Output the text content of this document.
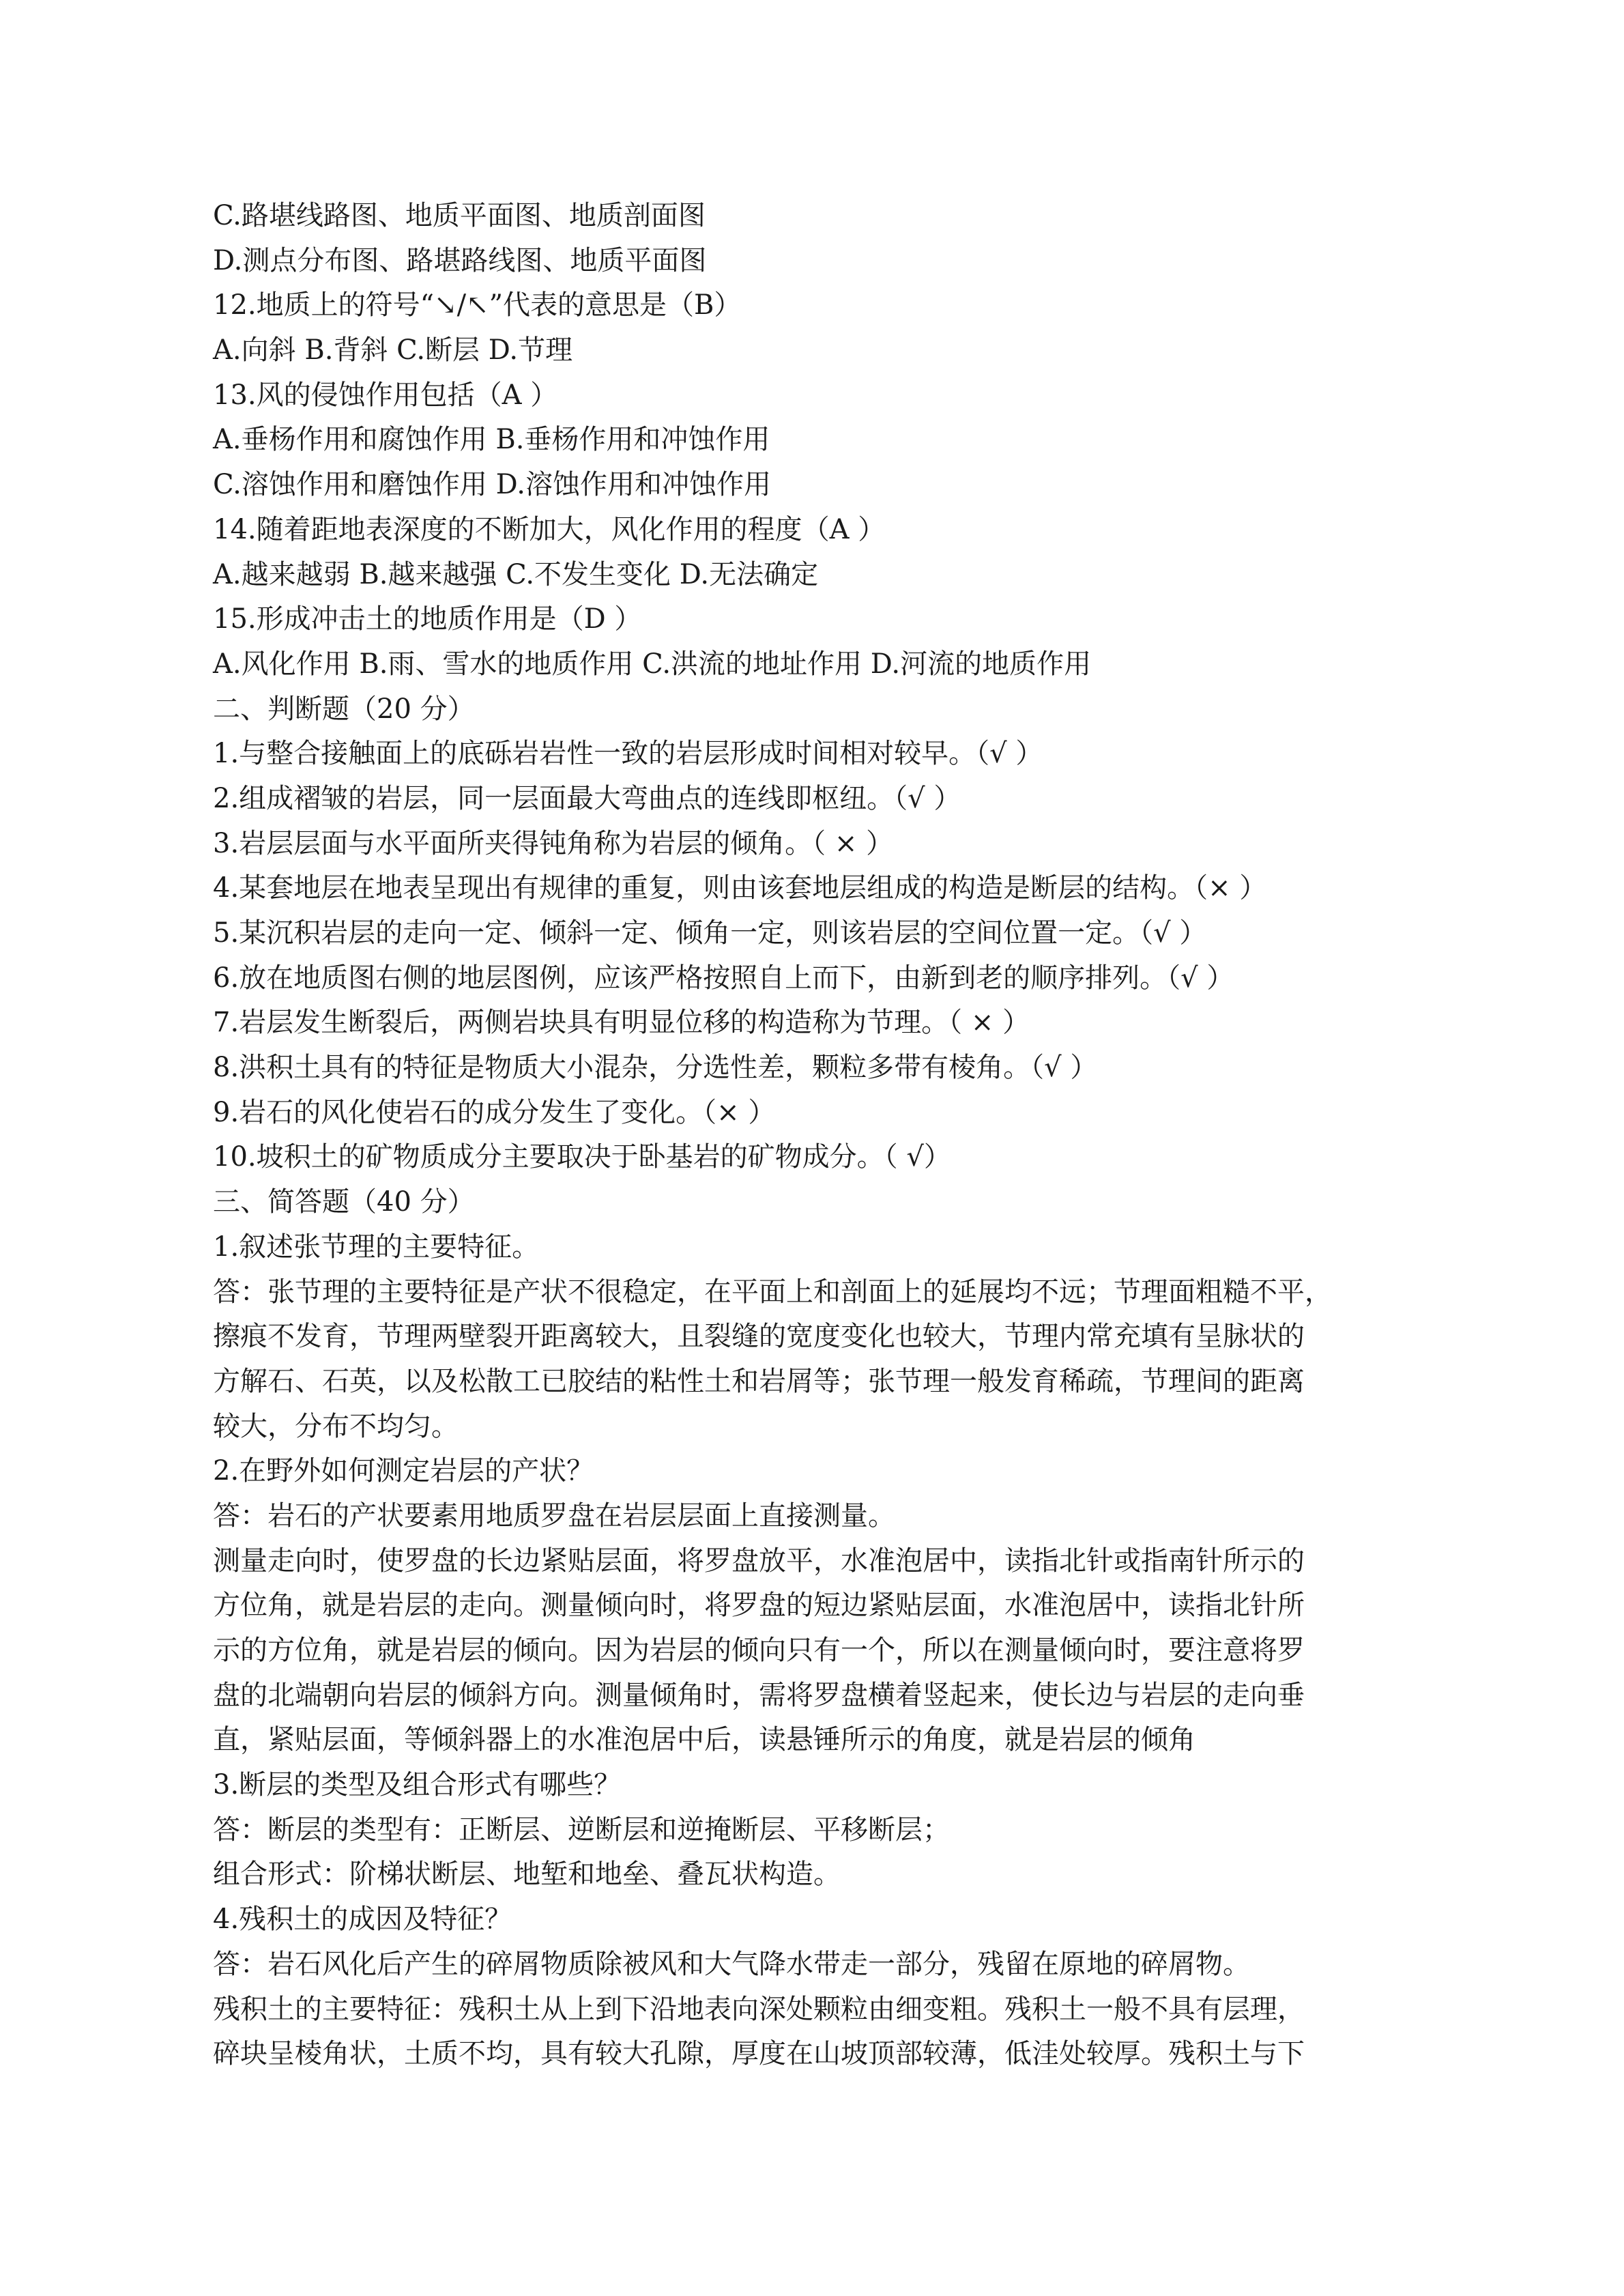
C.路堪线路图、地质平面图、地质剖面图
D.测点分布图、路堪路线图、地质平面图
12.地质上的符号“↘/↖”代表的意思是（B）
A.向斜 B.背斜 C.断层 D.节理
13.风的侵蚀作用包括（A ）
A.垂杨作用和腐蚀作用 B.垂杨作用和冲蚀作用
C.溶蚀作用和磨蚀作用 D.溶蚀作用和冲蚀作用
14.随着距地表深度的不断加大，风化作用的程度（A ）
A.越来越弱 B.越来越强 C.不发生变化 D.无法确定
15.形成冲击土的地质作用是（D ）
A.风化作用 B.雨、雪水的地质作用 C.洪流的地址作用 D.河流的地质作用
二、判断题（20 分）
1.与整合接触面上的底砾岩岩性一致的岩层形成时间相对较早。（√ ）
2.组成褶皱的岩层，同一层面最大弯曲点的连线即枢纽。（√ ）
3.岩层层面与水平面所夹得钝角称为岩层的倾角。（ × ）
4.某套地层在地表呈现出有规律的重复，则由该套地层组成的构造是断层的结构。（× ）
5.某沉积岩层的走向一定、倾斜一定、倾角一定，则该岩层的空间位置一定。（√ ）
6.放在地质图右侧的地层图例，应该严格按照自上而下，由新到老的顺序排列。（√ ）
7.岩层发生断裂后，两侧岩块具有明显位移的构造称为节理。（ × ）
8.洪积土具有的特征是物质大小混杂，分选性差，颗粒多带有棱角。（√ ）
9.岩石的风化使岩石的成分发生了变化。（× ）
10.坡积土的矿物质成分主要取决于卧基岩的矿物成分。（ √）
三、简答题（40 分）
1.叙述张节理的主要特征。
答：张节理的主要特征是产状不很稳定，在平面上和剖面上的延展均不远；节理面粗糙不平，
擦痕不发育，节理两壁裂开距离较大，且裂缝的宽度变化也较大，节理内常充填有呈脉状的
方解石、石英，以及松散工已胶结的粘性土和岩屑等；张节理一般发育稀疏，节理间的距离
较大，分布不均匀。
2.在野外如何测定岩层的产状？
答：岩石的产状要素用地质罗盘在岩层层面上直接测量。
测量走向时，使罗盘的长边紧贴层面，将罗盘放平，水准泡居中，读指北针或指南针所示的
方位角，就是岩层的走向。测量倾向时，将罗盘的短边紧贴层面，水准泡居中，读指北针所
示的方位角，就是岩层的倾向。因为岩层的倾向只有一个，所以在测量倾向时，要注意将罗
盘的北端朝向岩层的倾斜方向。测量倾角时，需将罗盘横着竖起来，使长边与岩层的走向垂
直，紧贴层面，等倾斜器上的水准泡居中后，读悬锤所示的角度，就是岩层的倾角
3.断层的类型及组合形式有哪些？
答：断层的类型有：正断层、逆断层和逆掩断层、平移断层；
组合形式：阶梯状断层、地堑和地垒、叠瓦状构造。
4.残积土的成因及特征？
答：岩石风化后产生的碎屑物质除被风和大气降水带走一部分，残留在原地的碎屑物。
残积土的主要特征：残积土从上到下沿地表向深处颗粒由细变粗。残积土一般不具有层理，
碎块呈棱角状，土质不均，具有较大孔隙，厚度在山坡顶部较薄，低洼处较厚。残积土与下
